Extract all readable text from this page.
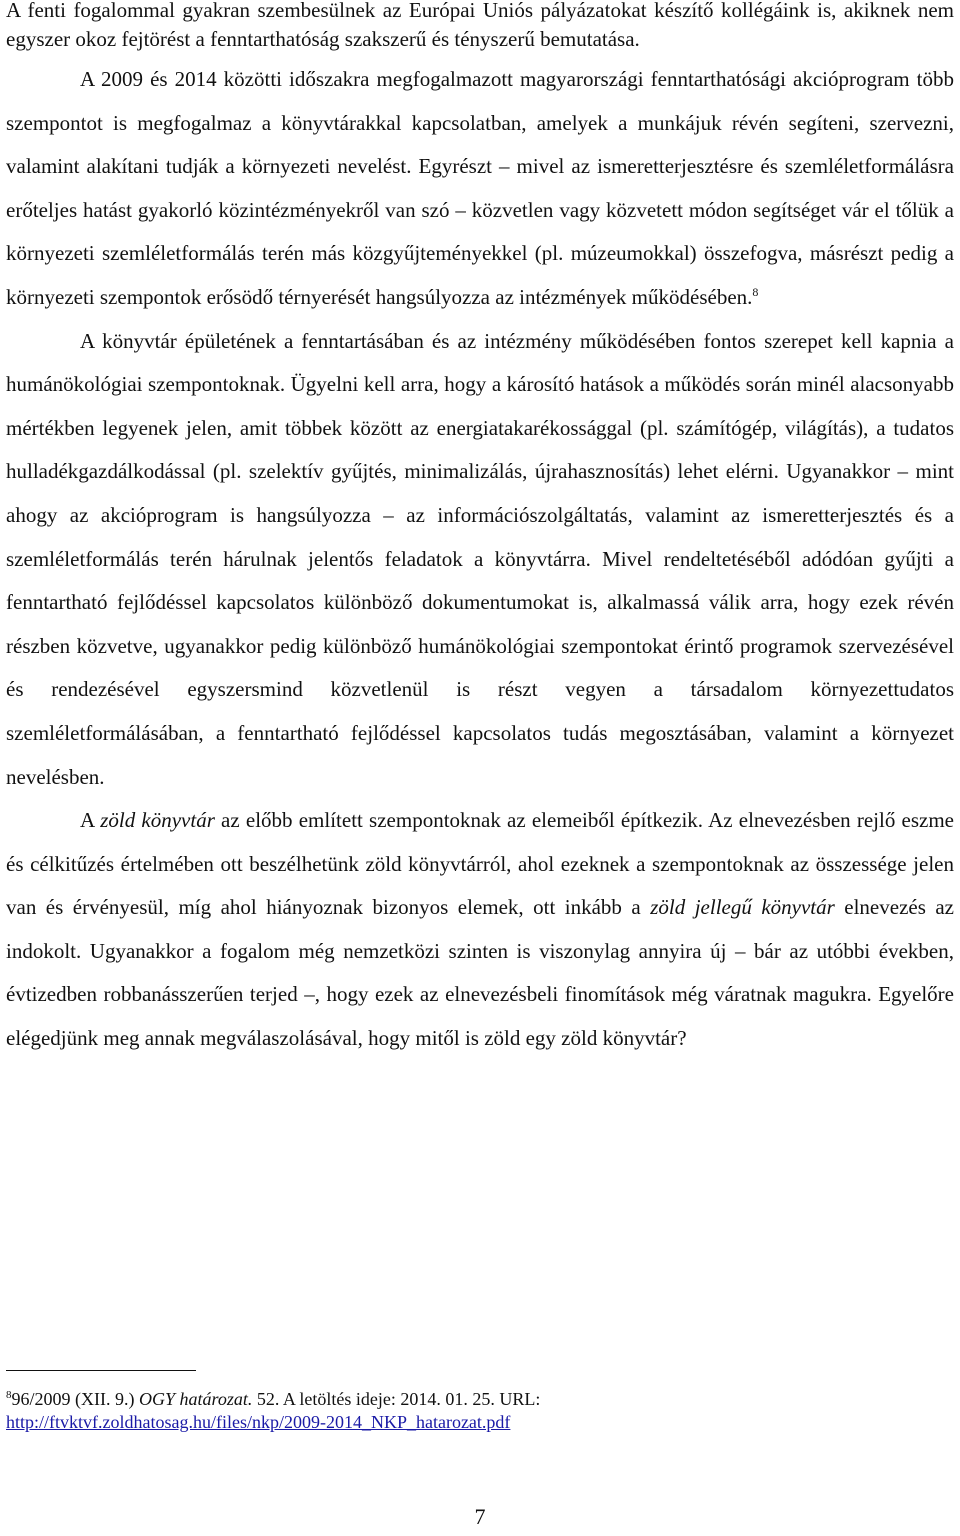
A fenti fogalommal gyakran szembesülnek az Európai Uniós pályázatokat készítő kollégáink is, akiknek nem egyszer okoz fejtörést a fenntarthatóság szakszerű és tényszerű bemutatása.

A 2009 és 2014 közötti időszakra megfogalmazott magyarországi fenntarthatósági akcióprogram több szempontot is megfogalmaz a könyvtárakkal kapcsolatban, amelyek a munkájuk révén segíteni, szervezni, valamint alakítani tudják a környezeti nevelést. Egyrészt – mivel az ismeretterjesztésre és szemléletformálásra erőteljes hatást gyakorló közintézményekről van szó – közvetlen vagy közvetett módon segítséget vár el tőlük a környezeti szemléletformálás terén más közgyűjteményekkel (pl. múzeumokkal) összefogva, másrészt pedig a környezeti szempontok erősödő térnyerését hangsúlyozza az intézmények működésében.$^8$

A könyvtár épületének a fenntartásában és az intézmény működésében fontos szerepet kell kapnia a humánökológiai szempontoknak. Ügyelni kell arra, hogy a károsító hatások a működés során minél alacsonyabb mértékben legyenek jelen, amit többek között az energiatakarékossággal (pl. számítógép, világítás), a tudatos hulladékgazdálkodással (pl. szelektív gyűjtés, minimalizálás, újrahasznosítás) lehet elérni. Ugyanakkor – mint ahogy az akcióprogram is hangsúlyozza – az információszolgáltatás, valamint az ismeretterjesztés és a szemléletformálás terén hárulnak jelentős feladatok a könyvtárra. Mivel rendeltetéséből adódóan gyűjti a fenntartható fejlődéssel kapcsolatos különböző dokumentumokat is, alkalmassá válik arra, hogy ezek révén részben közvetve, ugyanakkor pedig különböző humánökológiai szempontokat érintő programok szervezésével és rendezésével egyszersmind közvetlenül is részt vegyen a társadalom környezettudatos szemléletformálásában, a fenntartható fejlődéssel kapcsolatos tudás megosztásában, valamint a környezet nevelésben.

A zöld könyvtár az előbb említett szempontoknak az elemeiből építkezik. Az elnevezésben rejlő eszme és célkitűzés értelmében ott beszélhetünk zöld könyvtárról, ahol ezeknek a szempontoknak az összessége jelen van és érvényesül, míg ahol hiányoznak bizonyos elemek, ott inkább a zöld jellegű könyvtár elnevezés az indokolt. Ugyanakkor a fogalom még nemzetközi szinten is viszonylag annyira új – bár az utóbbi években, évtizedben robbanásszerűen terjed –, hogy ezek az elnevezésbeli finomítások még váratnak magukra. Egyelőre elégedjünk meg annak megválaszolásával, hogy mitől is zöld egy zöld könyvtár?

$^8$96/2009 (XII. 9.) OGY határozat. 52. A letöltés ideje: 2014. 01. 25. URL:
http://ftvktvf.zoldhatosag.hu/files/nkp/2009-2014_NKP_hatarozat.pdf
7
